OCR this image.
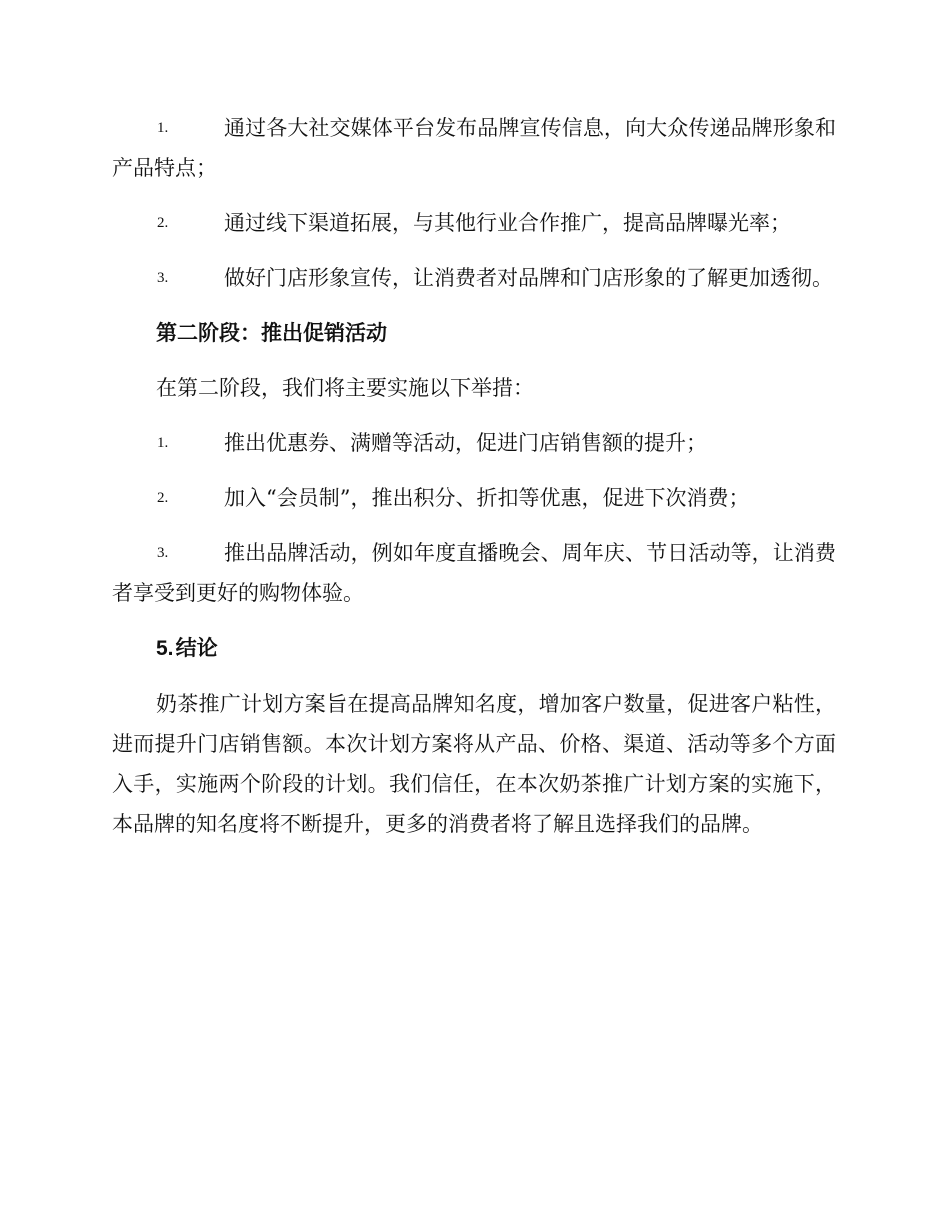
1.	通过各大社交媒体平台发布品牌宣传信息，向大众传递品牌形象和产品特点；
2.	通过线下渠道拓展，与其他行业合作推广，提高品牌曝光率；
3.	做好门店形象宣传，让消费者对品牌和门店形象的了解更加透彻。
第二阶段：推出促销活动
在第二阶段，我们将主要实施以下举措：
1.	推出优惠券、满赠等活动，促进门店销售额的提升；
2.	加入“会员制”，推出积分、折扣等优惠，促进下次消费；
3.	推出品牌活动，例如年度直播晚会、周年庆、节日活动等，让消费者享受到更好的购物体验。
5. 结论
奶茶推广计划方案旨在提高品牌知名度，增加客户数量，促进客户粘性，进而提升门店销售额。本次计划方案将从产品、价格、渠道、活动等多个方面入手，实施两个阶段的计划。我们信任，在本次奶茶推广计划方案的实施下，本品牌的知名度将不断提升，更多的消费者将了解且选择我们的品牌。
